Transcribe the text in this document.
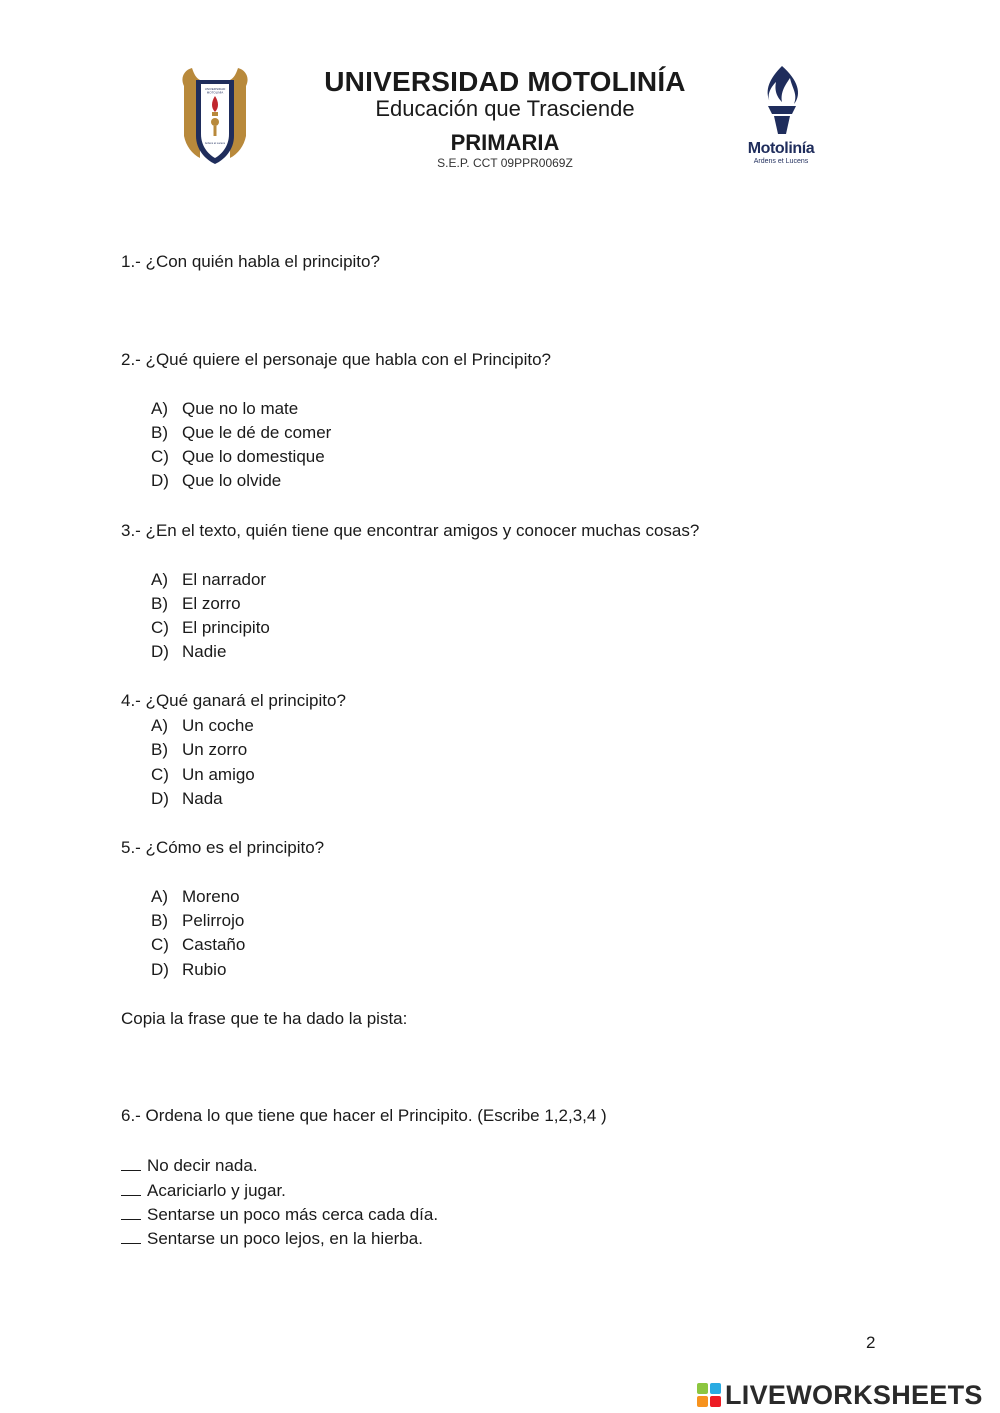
UNIVERSIDAD
MOTOLINÍA
Ardens et Lucens
UNIVERSIDAD MOTOLINÍA
Educación que Trasciende
PRIMARIA
S.E.P. CCT 09PPR0069Z
Motolinía
Ardens et Lucens
1.- ¿Con quién habla el principito?
2.- ¿Qué quiere el personaje que habla con el Principito?
A) Que no lo mate
B) Que le dé de comer
C) Que lo domestique
D) Que lo olvide
3.- ¿En el texto, quién tiene que encontrar amigos y conocer muchas cosas?
A) El narrador
B) El zorro
C) El principito
D) Nadie
4.- ¿Qué ganará el principito?
A) Un coche
B) Un zorro
C) Un amigo
D) Nada
5.- ¿Cómo es el principito?
A) Moreno
B) Pelirrojo
C) Castaño
D) Rubio
Copia la frase que te ha dado la pista:
6.- Ordena lo que tiene que hacer el Principito. (Escribe 1,2,3,4 )
No decir nada.
Acariciarlo y jugar.
Sentarse un poco más cerca cada día.
Sentarse un poco lejos, en la hierba.
2
LIVEWORKSHEETS
